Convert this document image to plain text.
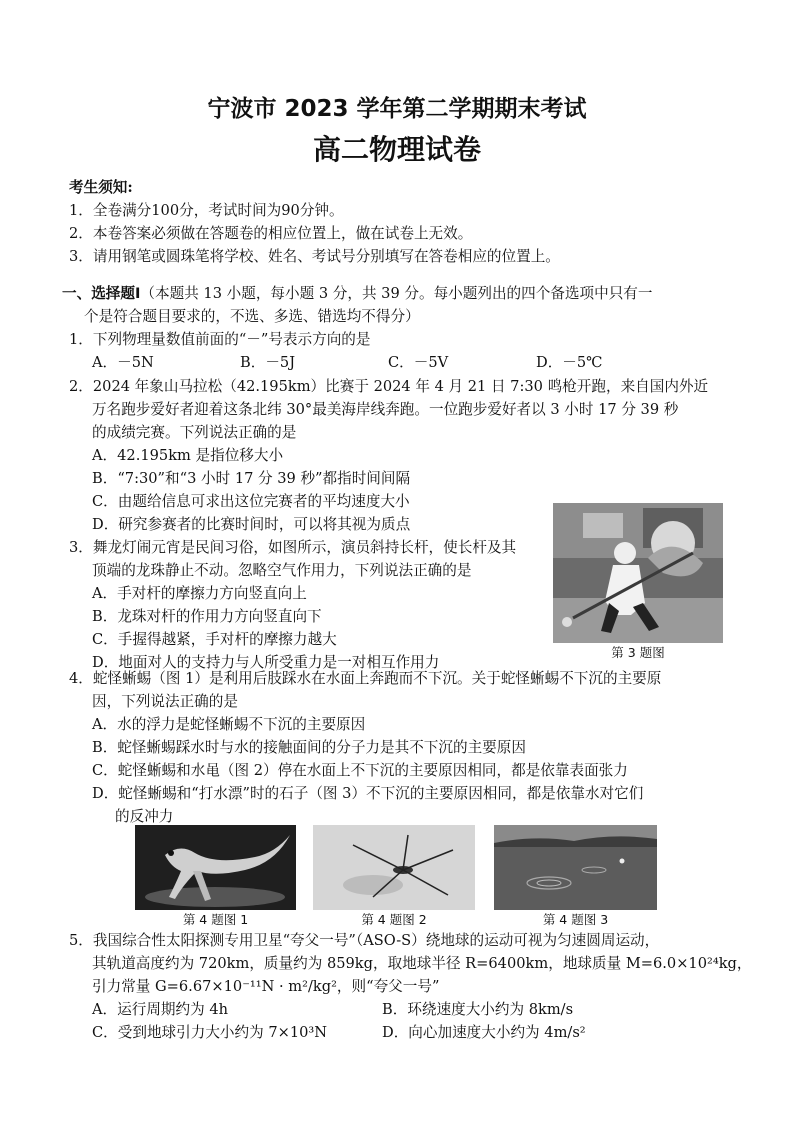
宁波市 2023 学年第二学期期末考试
高二物理试卷
考生须知:
1．全卷满分100分，考试时间为90分钟。
2．本卷答案必须做在答题卷的相应位置上，做在试卷上无效。
3．请用钢笔或圆珠笔将学校、姓名、考试号分别填写在答卷相应的位置上。
一、选择题Ⅰ（本题共 13 小题，每小题 3 分，共 39 分。每小题列出的四个备选项中只有一
个是符合题目要求的，不选、多选、错选均不得分）
1．下列物理量数值前面的“－”号表示方向的是
A．－5N	B．－5J	C．－5V	D．－5℃
2．2024 年象山马拉松（42.195km）比赛于 2024 年 4 月 21 日 7:30 鸣枪开跑，来自国内外近
万名跑步爱好者迎着这条北纬 30°最美海岸线奔跑。一位跑步爱好者以 3 小时 17 分 39 秒
的成绩完赛。下列说法正确的是
A．42.195km 是指位移大小
B．“7:30”和“3 小时 17 分 39 秒”都指时间间隔
C．由题给信息可求出这位完赛者的平均速度大小
D．研究参赛者的比赛时间时，可以将其视为质点
3．舞龙灯闹元宵是民间习俗，如图所示，演员斜持长杆，使长杆及其
顶端的龙珠静止不动。忽略空气作用力，下列说法正确的是
A．手对杆的摩擦力方向竖直向上
B．龙珠对杆的作用力方向竖直向下
C．手握得越紧，手对杆的摩擦力越大
D．地面对人的支持力与人所受重力是一对相互作用力
第 3 题图
4．蛇怪蜥蜴（图 1）是利用后肢踩水在水面上奔跑而不下沉。关于蛇怪蜥蜴不下沉的主要原
因，下列说法正确的是
A．水的浮力是蛇怪蜥蜴不下沉的主要原因
B．蛇怪蜥蜴踩水时与水的接触面间的分子力是其不下沉的主要原因
C．蛇怪蜥蜴和水黾（图 2）停在水面上不下沉的主要原因相同，都是依靠表面张力
D．蛇怪蜥蜴和“打水漂”时的石子（图 3）不下沉的主要原因相同，都是依靠水对它们
的反冲力
第 4 题图 1	第 4 题图 2	第 4 题图 3
5．我国综合性太阳探测专用卫星“夸父一号”（ASO-S）绕地球的运动可视为匀速圆周运动，
其轨道高度约为 720km，质量约为 859kg，取地球半径 R=6400km，地球质量 M=6.0×10²⁴kg，
引力常量 G=6.67×10⁻¹¹N · m²/kg²，则“夸父一号”
A．运行周期约为 4h	B．环绕速度大小约为 8km/s
C．受到地球引力大小约为 7×10³N	D．向心加速度大小约为 4m/s²
